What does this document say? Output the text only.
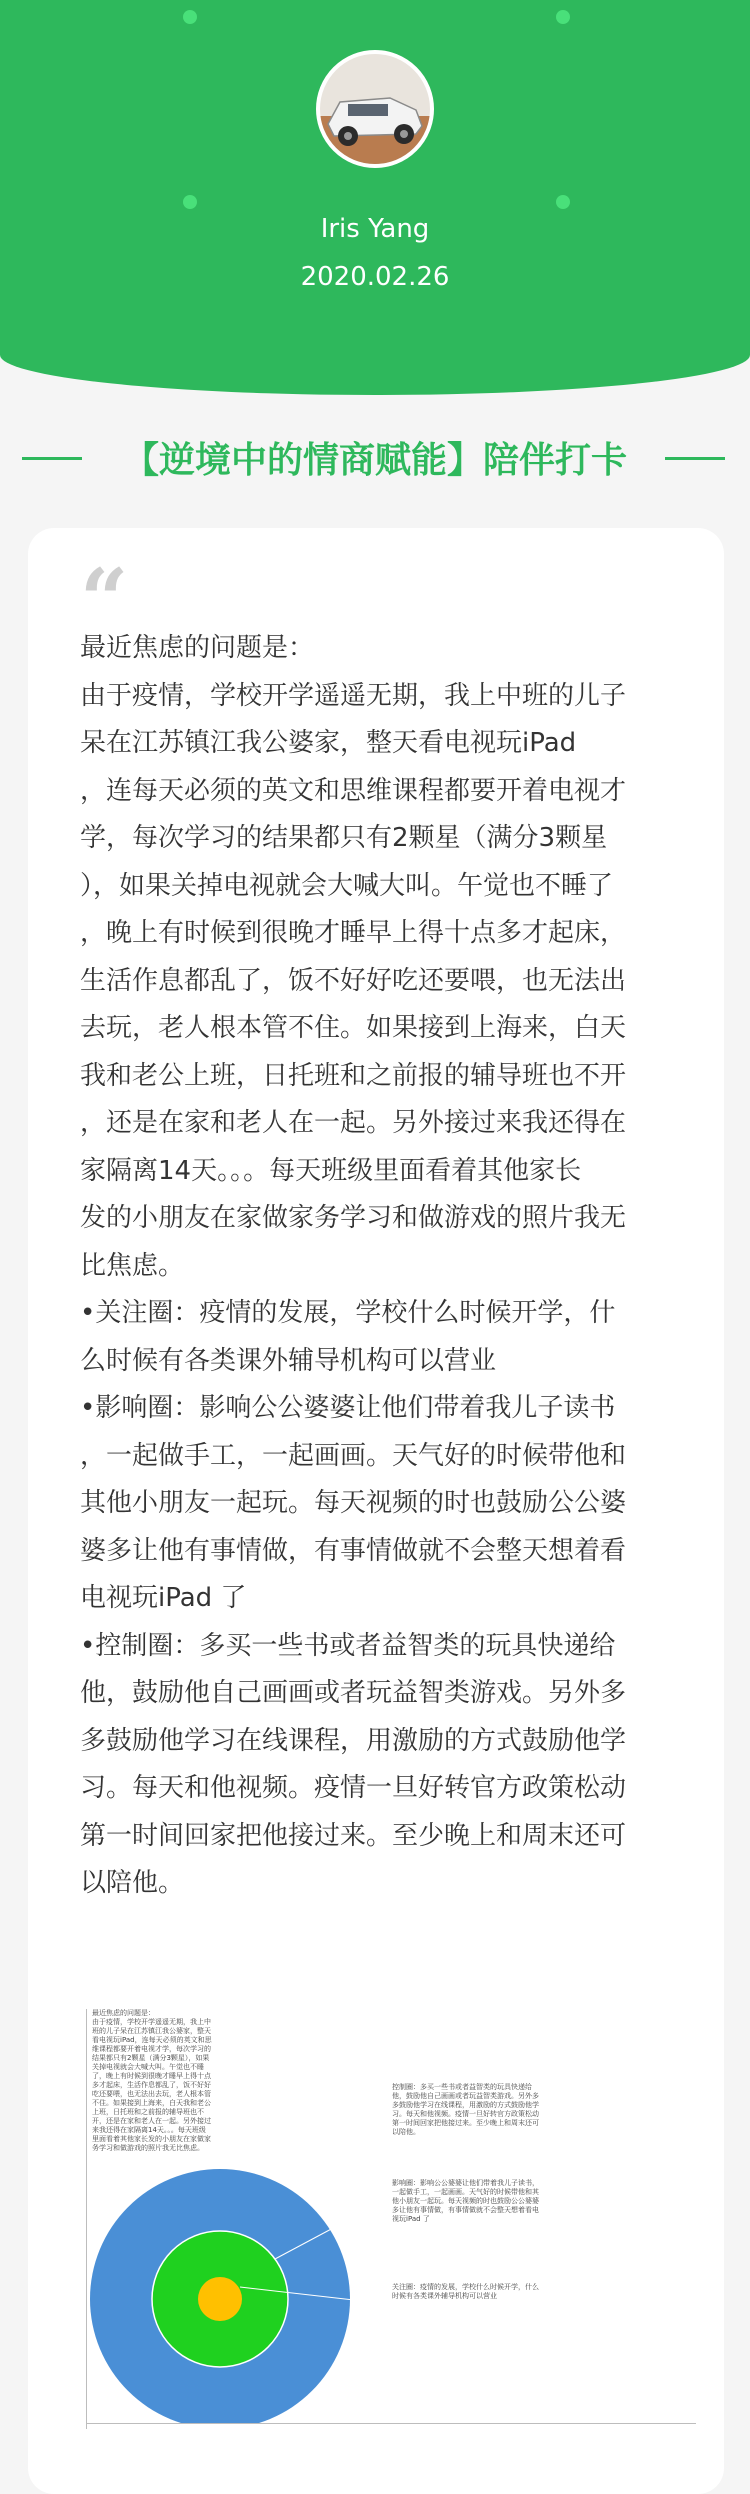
Iris Yang
2020.02.26
【逆境中的情商赋能】陪伴打卡
“

最近焦虑的问题是：

由于疫情，学校开学遥遥无期，我上中班的儿子

呆在江苏镇江我公婆家，整天看电视玩iPad

，连每天必须的英文和思维课程都要开着电视才

学，每次学习的结果都只有2颗星（满分3颗星

），如果关掉电视就会大喊大叫。午觉也不睡了

，晚上有时候到很晚才睡早上得十点多才起床，

生活作息都乱了，饭不好好吃还要喂，也无法出

去玩，老人根本管不住。如果接到上海来，白天

我和老公上班，日托班和之前报的辅导班也不开

，还是在家和老人在一起。另外接过来我还得在

家隔离14天。。。每天班级里面看着其他家长

发的小朋友在家做家务学习和做游戏的照片我无

比焦虑。

•关注圈：疫情的发展，学校什么时候开学，什

么时候有各类课外辅导机构可以营业

•影响圈：影响公公婆婆让他们带着我儿子读书

，一起做手工，一起画画。天气好的时候带他和

其他小朋友一起玩。每天视频的时也鼓励公公婆

婆多让他有事情做，有事情做就不会整天想着看

电视玩iPad 了

•控制圈：多买一些书或者益智类的玩具快递给

他，鼓励他自己画画或者玩益智类游戏。另外多

多鼓励他学习在线课程，用激励的方式鼓励他学

习。每天和他视频。疫情一旦好转官方政策松动

第一时间回家把他接过来。至少晚上和周末还可

以陪他。

最近焦虑的问题是：
由于疫情，学校开学遥遥无期，我上中班的儿子呆在江苏镇江我公婆家，整天看电视玩iPad，连每天必须的英文和思维课程都要开着电视才学，每次学习的结果都只有2颗星（满分3颗星），如果关掉电视就会大喊大叫。午觉也不睡了，晚上有时候到很晚才睡早上得十点多才起床，生活作息都乱了，饭不好好吃还要喂，也无法出去玩，老人根本管不住。如果接到上海来，白天我和老公上班，日托班和之前报的辅导班也不开，还是在家和老人在一起。另外接过来我还得在家隔离14天。。。每天班级里面看着其他家长发的小朋友在家做家务学习和做游戏的照片我无比焦虑。
控制圈：多买一些书或者益智类的玩具快递给他，鼓励他自己画画或者玩益智类游戏。另外多多鼓励他学习在线课程，用激励的方式鼓励他学习。每天和他视频。疫情一旦好转官方政策松动第一时间回家把他接过来。至少晚上和周末还可以陪他。
影响圈：影响公公婆婆让他们带着我儿子读书，一起做手工，一起画画。天气好的时候带他和其他小朋友一起玩。每天视频的时也鼓励公公婆婆多让他有事情做，有事情做就不会整天想着看电视玩iPad 了
关注圈：疫情的发展，学校什么时候开学，什么时候有各类课外辅导机构可以营业
